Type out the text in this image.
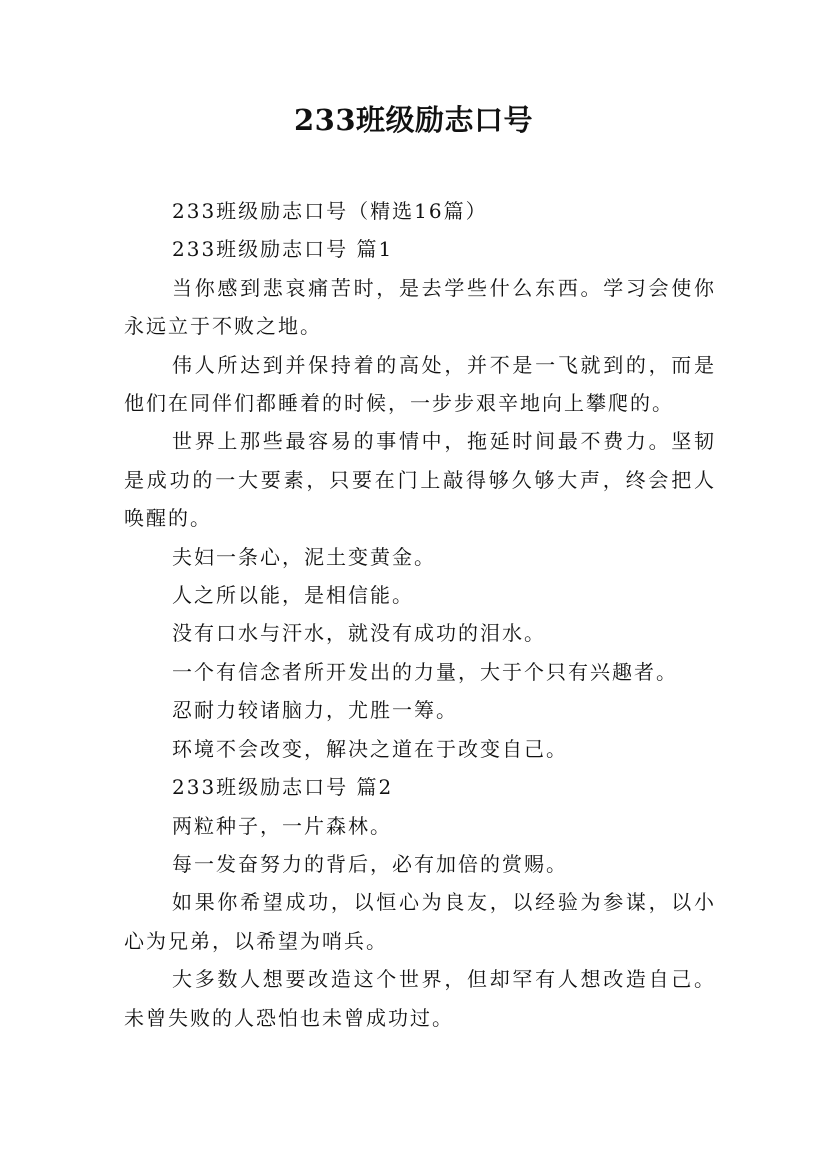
233班级励志口号

233班级励志口号（精选16篇）

233班级励志口号 篇1

当你感到悲哀痛苦时，是去学些什么东西。学习会使你永远立于不败之地。

伟人所达到并保持着的高处，并不是一飞就到的，而是他们在同伴们都睡着的时候，一步步艰辛地向上攀爬的。

世界上那些最容易的事情中，拖延时间最不费力。坚韧是成功的一大要素，只要在门上敲得够久够大声，终会把人唤醒的。

夫妇一条心，泥土变黄金。

人之所以能，是相信能。

没有口水与汗水，就没有成功的泪水。

一个有信念者所开发出的力量，大于个只有兴趣者。

忍耐力较诸脑力，尤胜一筹。

环境不会改变，解决之道在于改变自己。

233班级励志口号 篇2

两粒种子，一片森林。

每一发奋努力的背后，必有加倍的赏赐。

如果你希望成功，以恒心为良友，以经验为参谋，以小心为兄弟，以希望为哨兵。

大多数人想要改造这个世界，但却罕有人想改造自己。未曾失败的人恐怕也未曾成功过。
